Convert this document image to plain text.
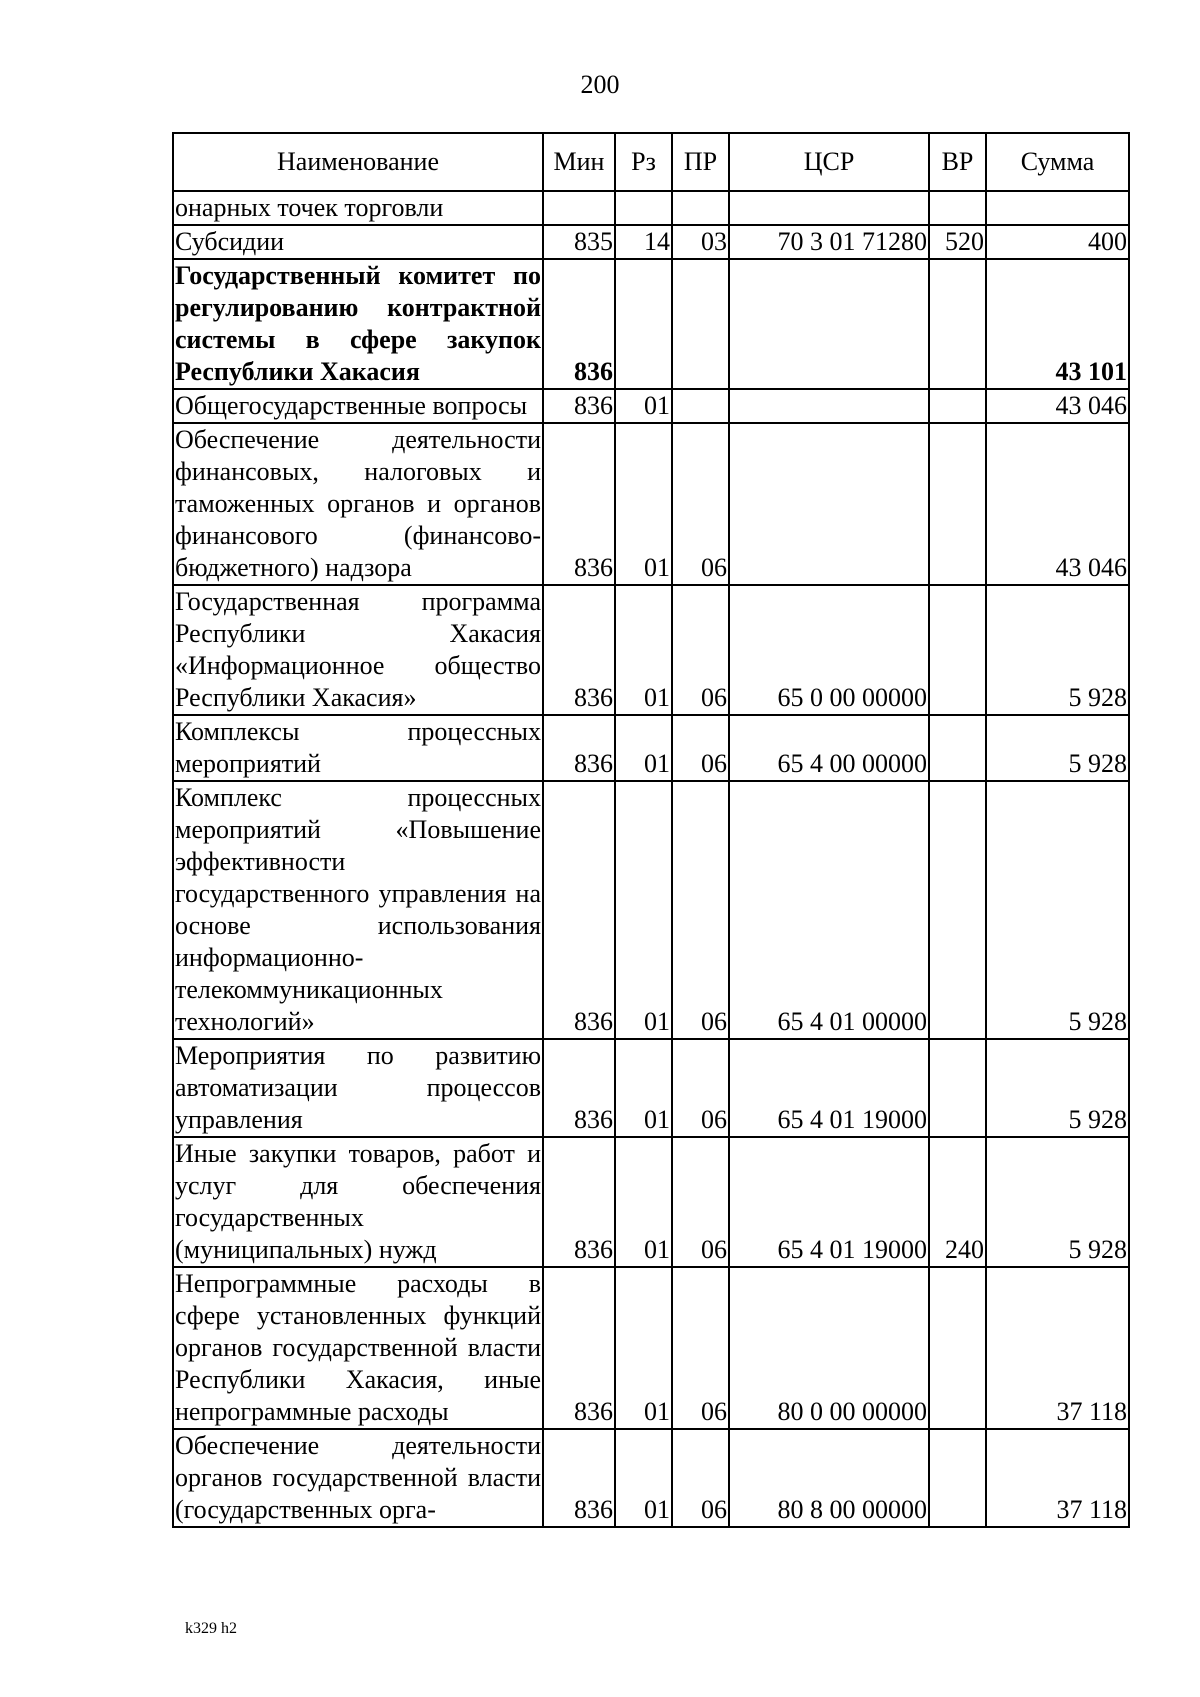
200
Наименование	Мин	Рз	ПР	ЦСР	ВР	Сумма
онарных точек торговли						
Субсидии	835	14	03	70 3 01 71280	520	400
Государственный комитет по регулированию контрактной системы в сфере закупок Республики Хакасия	836					43 101
Общегосударственные вопросы	836	01				43 046
Обеспечение деятельности финансовых, налоговых и таможенных органов и органов финансового (финансово-бюджетного) надзора	836	01	06			43 046
Государственная программа Республики Хакасия «Информационное общество Республики Хакасия»	836	01	06	65 0 00 00000		5 928
Комплексы процессных мероприятий	836	01	06	65 4 00 00000		5 928
Комплекс процессных мероприятий «Повышение эффективности государственного управления на основе использования информационно-телекоммуникационных технологий»	836	01	06	65 4 01 00000		5 928
Мероприятия по развитию автоматизации процессов управления	836	01	06	65 4 01 19000		5 928
Иные закупки товаров, работ и услуг для обеспечения государственных (муниципальных) нужд	836	01	06	65 4 01 19000	240	5 928
Непрограммные расходы в сфере установленных функций органов государственной власти Республики Хакасия, иные непрограммные расходы	836	01	06	80 0 00 00000		37 118
Обеспечение деятельности органов государственной власти (государственных орга-	836	01	06	80 8 00 00000		37 118
k329 h2
